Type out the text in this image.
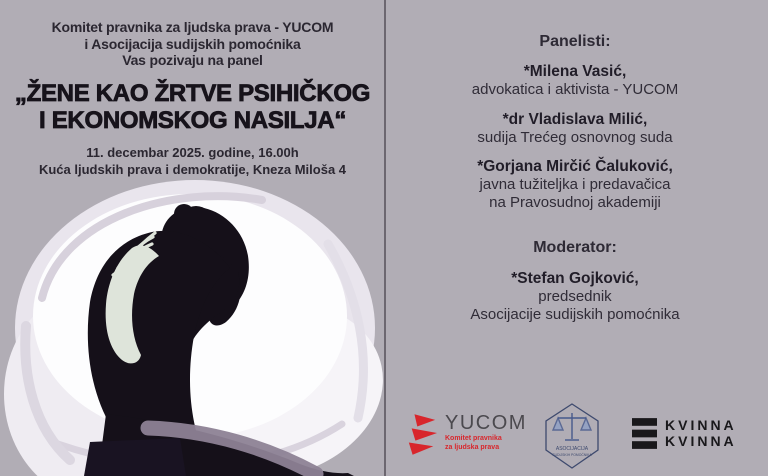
Komitet pravnika za ljudska prava - YUCOM
i Asocijacija sudijskih pomoćnika
Vas pozivaju na panel
„ŽENE KAO ŽRTVE PSIHIČKOG
I EKONOMSKOG NASILJA“
11. decembar 2025. godine, 16.00h
Kuća ljudskih prava i demokratije, Kneza Miloša 4
Panelisti:
*Milena Vasić,
advokatica i aktivista - YUCOM
*dr Vladislava Milić,
sudija Trećeg osnovnog suda
*Gorjana Mirčić Čaluković,
javna tužiteljka i predavačica
na Pravosudnoj akademiji
Moderator:
*Stefan Gojković,
predsednik
Asocijacije sudijskih pomoćnika
YUCOM
Komitet pravnika
za ljudska prava	ASOCIJACIJA
SUDIJSKIH POMOĆNIKA
KVINNA
KVINNA
